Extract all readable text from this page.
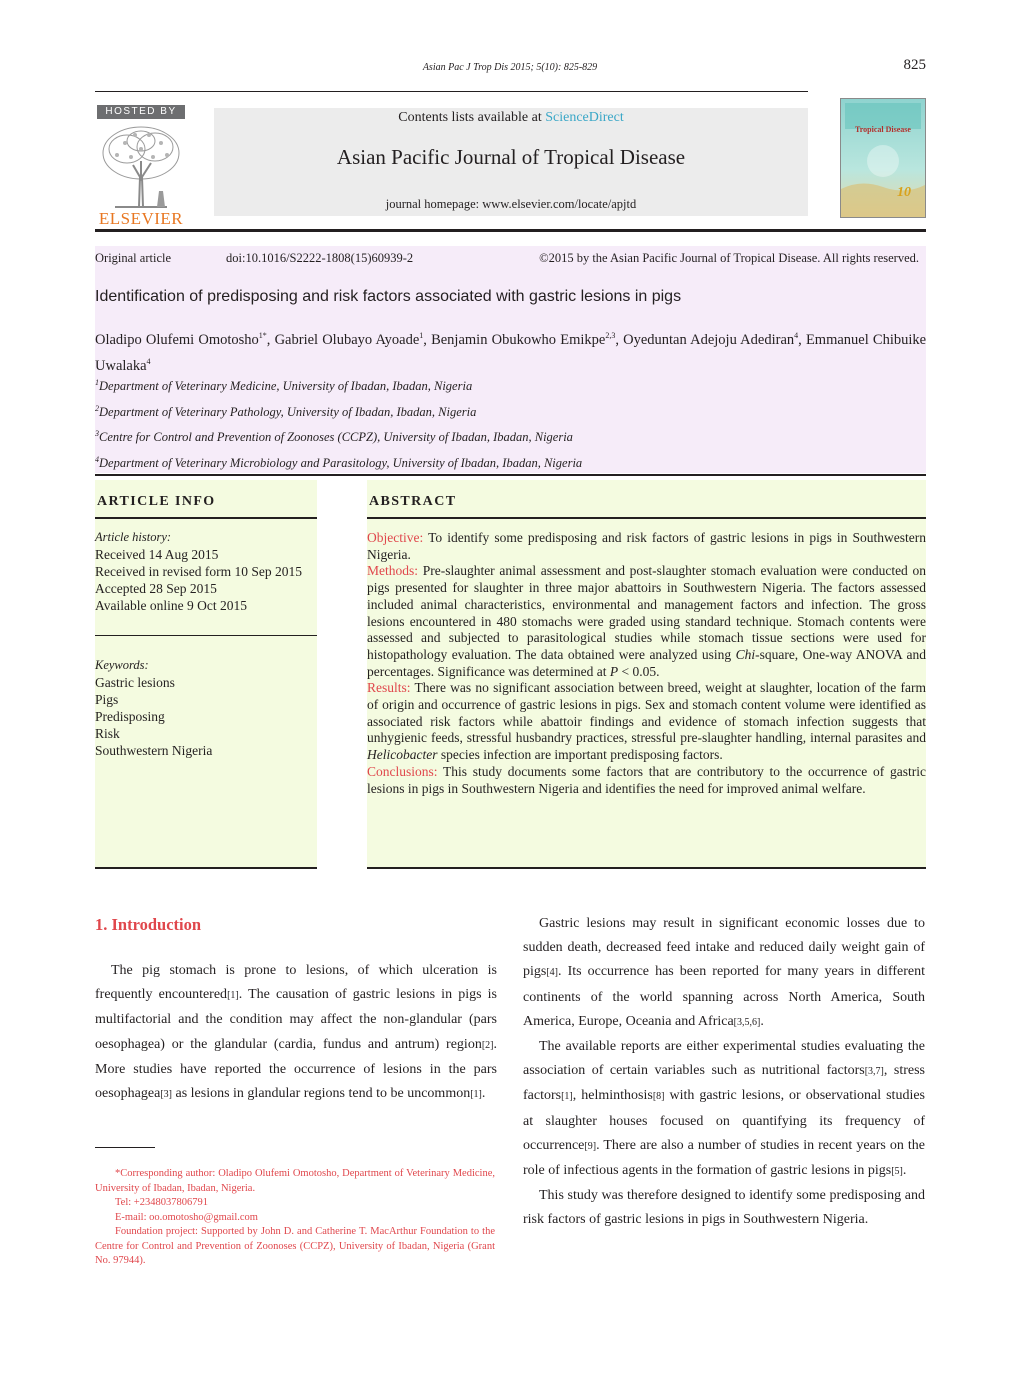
Asian Pac J Trop Dis 2015; 5(10): 825-829	825
HOSTED BY
ELSEVIER
Contents lists available at ScienceDirect
Asian Pacific Journal of Tropical Disease
journal homepage: www.elsevier.com/locate/apjtd
Tropical Disease
10
Original article	doi:10.1016/S2222-1808(15)60939-2	©2015 by the Asian Pacific Journal of Tropical Disease. All rights reserved.
Identification of predisposing and risk factors associated with gastric lesions in pigs
Oladipo Olufemi Omotosho$^{1*}$, Gabriel Olubayo Ayoade$^1$, Benjamin Obukowho Emikpe$^{2,3}$, Oyeduntan Adejoju Adediran$^4$, Emmanuel Chibuike Uwalaka$^4$
$^1$Department of Veterinary Medicine, University of Ibadan, Ibadan, Nigeria
$^2$Department of Veterinary Pathology, University of Ibadan, Ibadan, Nigeria
$^3$Centre for Control and Prevention of Zoonoses (CCPZ), University of Ibadan, Ibadan, Nigeria
$^4$Department of Veterinary Microbiology and Parasitology, University of Ibadan, Ibadan, Nigeria
ARTICLE INFO	ABSTRACT
Article history:
Received 14 Aug 2015
Received in revised form 10 Sep 2015
Accepted 28 Sep 2015
Available online 9 Oct 2015
Keywords:
Gastric lesions
Pigs
Predisposing
Risk
Southwestern Nigeria
Objective: To identify some predisposing and risk factors of gastric lesions in pigs in Southwestern Nigeria.
Methods: Pre-slaughter animal assessment and post-slaughter stomach evaluation were conducted on pigs presented for slaughter in three major abattoirs in Southwestern Nigeria. The factors assessed included animal characteristics, environmental and management factors and infection. The gross lesions encountered in 480 stomachs were graded using standard technique. Stomach contents were assessed and subjected to parasitological studies while stomach tissue sections were used for histopathology evaluation. The data obtained were analyzed using Chi-square, One-way ANOVA and percentages. Significance was determined at P < 0.05.
Results: There was no significant association between breed, weight at slaughter, location of the farm of origin and occurrence of gastric lesions in pigs. Sex and stomach content volume were identified as associated risk factors while abattoir findings and evidence of stomach infection suggests that unhygienic feeds, stressful husbandry practices, stressful pre-slaughter handling, internal parasites and Helicobacter species infection are important predisposing factors.
Conclusions: This study documents some factors that are contributory to the occurrence of gastric lesions in pigs in Southwestern Nigeria and identifies the need for improved animal welfare.
1. Introduction

The pig stomach is prone to lesions, of which ulceration is frequently encountered[1]. The causation of gastric lesions in pigs is multifactorial and the condition may affect the non-glandular (pars oesophagea) or the glandular (cardia, fundus and antrum) region[2]. More studies have reported the occurrence of lesions in the pars oesophagea[3] as lesions in glandular regions tend to be uncommon[1].

Gastric lesions may result in significant economic losses due to sudden death, decreased feed intake and reduced daily weight gain of pigs[4]. Its occurrence has been reported for many years in different continents of the world spanning across North America, South America, Europe, Oceania and Africa[3,5,6].

The available reports are either experimental studies evaluating the association of certain variables such as nutritional factors[3,7], stress factors[1], helminthosis[8] with gastric lesions, or observational studies at slaughter houses focused on quantifying its frequency of occurrence[9]. There are also a number of studies in recent years on the role of infectious agents in the formation of gastric lesions in pigs[5].

This study was therefore designed to identify some predisposing and risk factors of gastric lesions in pigs in Southwestern Nigeria.

*Corresponding author: Oladipo Olufemi Omotosho, Department of Veterinary Medicine, University of Ibadan, Ibadan, Nigeria.
Tel: +2348037806791
E-mail: oo.omotosho@gmail.com
Foundation project: Supported by John D. and Catherine T. MacArthur Foundation to the Centre for Control and Prevention of Zoonoses (CCPZ), University of Ibadan, Nigeria (Grant No. 97944).
